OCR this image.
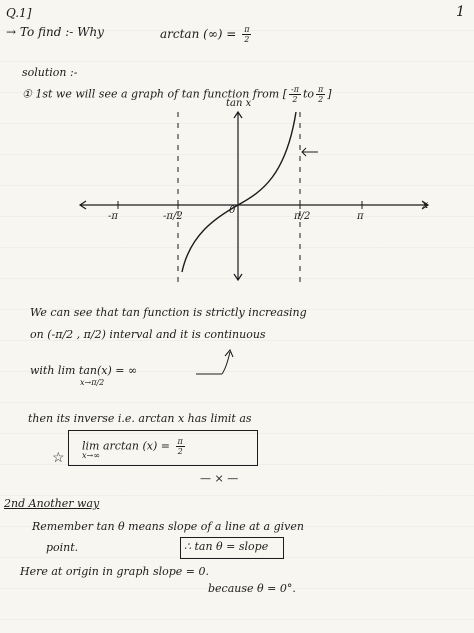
Q.1]	1
→ To find :- Why	arctan (∞) = $\frac{\pi}{2}$
solution :-
① 1st we will see a graph of tan function from [ $\frac{-\pi}{2}$ to $\frac{\pi}{2}$ ]
tan x
x
0
-π	-π/2	π/2	π
We can see that tan function is strictly increasing
on (-π/2 , π/2) interval and it is continuous
with lim tan(x) = ∞
x→π/2
then its inverse i.e. arctan x has limit as
$\lim \arctan (x) = \frac{\pi}{2}$
x→∞
☆
— × —
2nd Another way
Remember tan θ means slope of a line at a given
point.	∴ tan θ = slope
Here at origin in graph slope = 0.
because θ = 0°.
